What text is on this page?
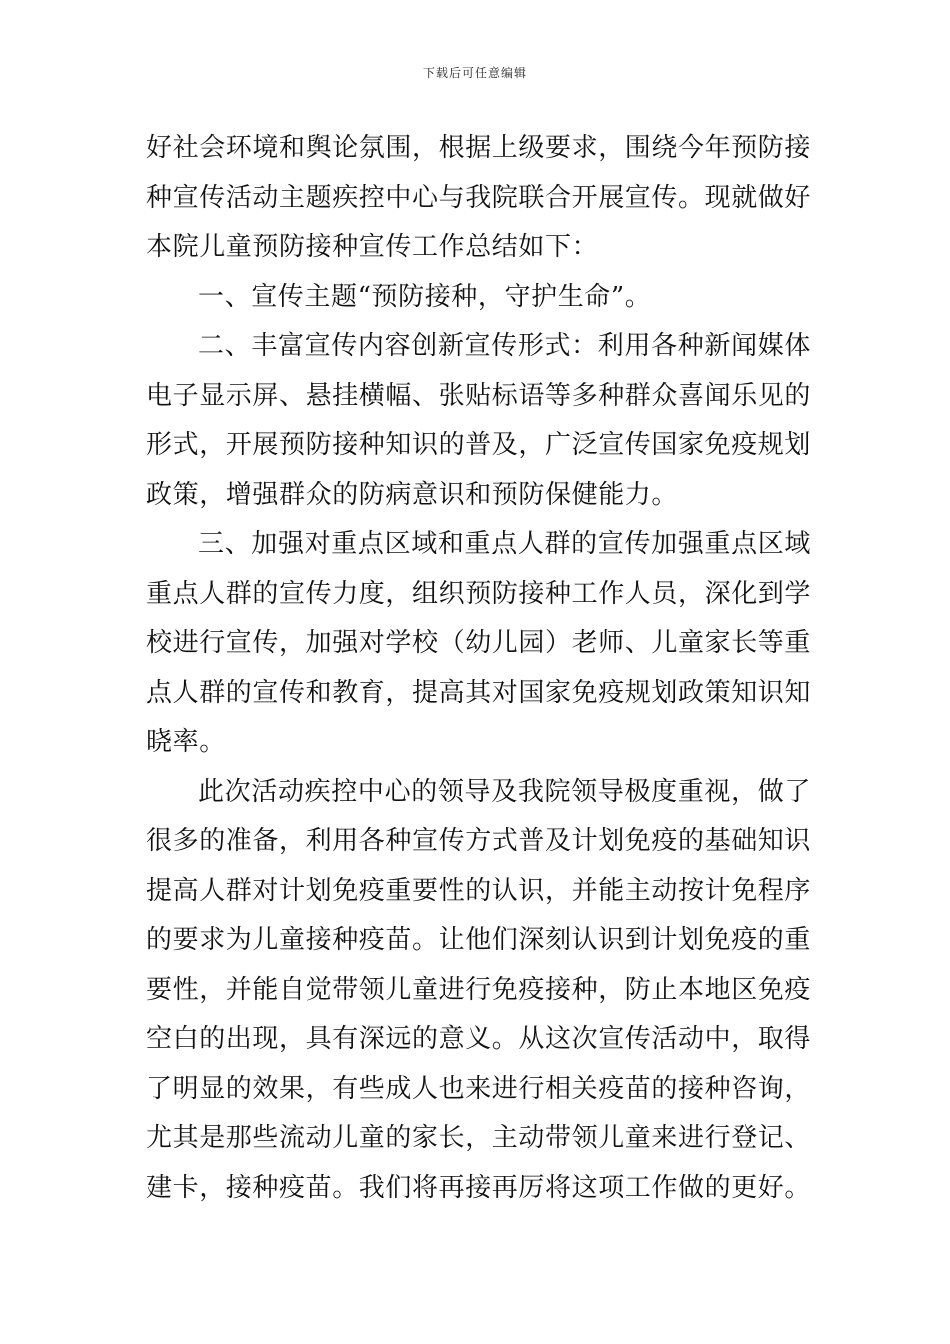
下载后可任意编辑
好社会环境和舆论氛围，根据上级要求，围绕今年预防接
种宣传活动主题疾控中心与我院联合开展宣传。现就做好
本院儿童预防接种宣传工作总结如下：
一、宣传主题“预防接种，守护生命”。
二、丰富宣传内容创新宣传形式：利用各种新闻媒体
电子显示屏、悬挂横幅、张贴标语等多种群众喜闻乐见的
形式，开展预防接种知识的普及，广泛宣传国家免疫规划
政策，增强群众的防病意识和预防保健能力。
三、加强对重点区域和重点人群的宣传加强重点区域
重点人群的宣传力度，组织预防接种工作人员，深化到学
校进行宣传，加强对学校（幼儿园）老师、儿童家长等重
点人群的宣传和教育，提高其对国家免疫规划政策知识知
晓率。
此次活动疾控中心的领导及我院领导极度重视，做了
很多的准备，利用各种宣传方式普及计划免疫的基础知识
提高人群对计划免疫重要性的认识，并能主动按计免程序
的要求为儿童接种疫苗。让他们深刻认识到计划免疫的重
要性，并能自觉带领儿童进行免疫接种，防止本地区免疫
空白的出现，具有深远的意义。从这次宣传活动中，取得
了明显的效果，有些成人也来进行相关疫苗的接种咨询，
尤其是那些流动儿童的家长，主动带领儿童来进行登记、
建卡，接种疫苗。我们将再接再厉将这项工作做的更好。
